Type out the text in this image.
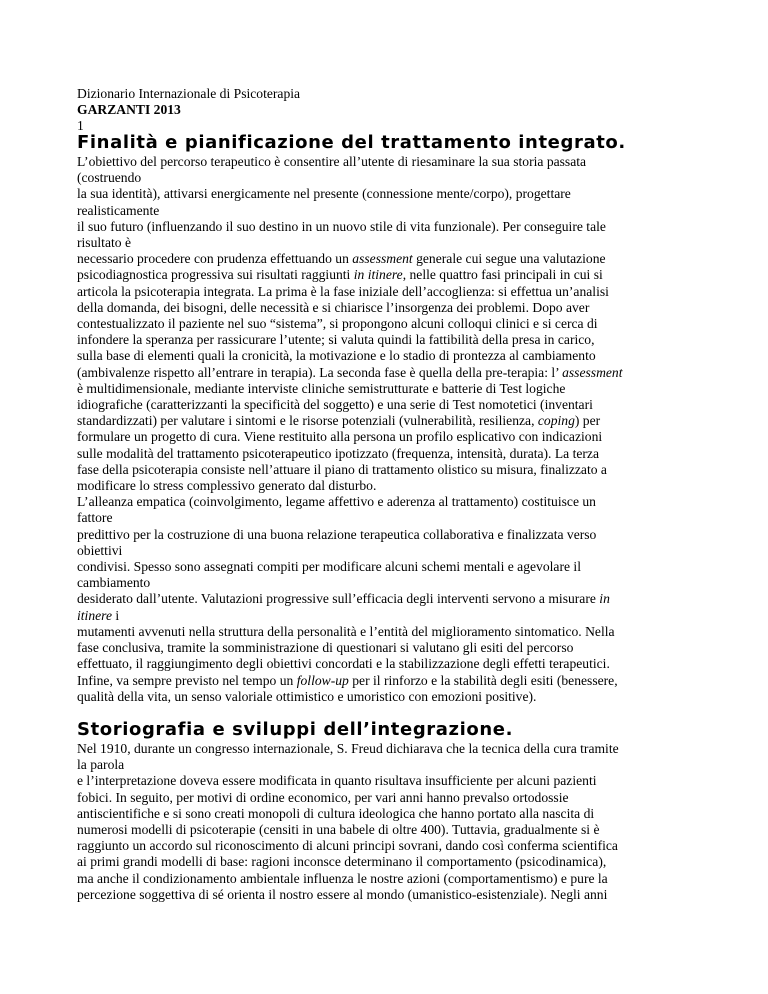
Dizionario Internazionale di Psicoterapia
GARZANTI 2013
1
Finalità e pianificazione del trattamento integrato.
L’obiettivo del percorso terapeutico è consentire all’utente di riesaminare la sua storia passata
(costruendo
la sua identità), attivarsi energicamente nel presente (connessione mente/corpo), progettare
realisticamente
il suo futuro (influenzando il suo destino in un nuovo stile di vita funzionale). Per conseguire tale
risultato è
necessario procedere con prudenza effettuando un assessment generale cui segue una valutazione
psicodiagnostica progressiva sui risultati raggiunti in itinere, nelle quattro fasi principali in cui si
articola la psicoterapia integrata. La prima è la fase iniziale dell’accoglienza: si effettua un’analisi
della domanda, dei bisogni, delle necessità e si chiarisce l’insorgenza dei problemi. Dopo aver
contestualizzato il paziente nel suo “sistema”, si propongono alcuni colloqui clinici e si cerca di
infondere la speranza per rassicurare l’utente; si valuta quindi la fattibilità della presa in carico,
sulla base di elementi quali la cronicità, la motivazione e lo stadio di prontezza al cambiamento
(ambivalenze rispetto all’entrare in terapia). La seconda fase è quella della pre-terapia: l’ assessment
è multidimensionale, mediante interviste cliniche semistrutturate e batterie di Test logiche
idiografiche (caratterizzanti la specificità del soggetto) e una serie di Test nomotetici (inventari
standardizzati) per valutare i sintomi e le risorse potenziali (vulnerabilità, resilienza, coping) per
formulare un progetto di cura. Viene restituito alla persona un profilo esplicativo con indicazioni
sulle modalità del trattamento psicoterapeutico ipotizzato (frequenza, intensità, durata). La terza
fase della psicoterapia consiste nell’attuare il piano di trattamento olistico su misura, finalizzato a
modificare lo stress complessivo generato dal disturbo.
L’alleanza empatica (coinvolgimento, legame affettivo e aderenza al trattamento) costituisce un
fattore
predittivo per la costruzione di una buona relazione terapeutica collaborativa e finalizzata verso
obiettivi
condivisi. Spesso sono assegnati compiti per modificare alcuni schemi mentali e agevolare il
cambiamento
desiderato dall’utente. Valutazioni progressive sull’efficacia degli interventi servono a misurare in
itinere i
mutamenti avvenuti nella struttura della personalità e l’entità del miglioramento sintomatico. Nella
fase conclusiva, tramite la somministrazione di questionari si valutano gli esiti del percorso
effettuato, il raggiungimento degli obiettivi concordati e la stabilizzazione degli effetti terapeutici.
Infine, va sempre previsto nel tempo un follow-up per il rinforzo e la stabilità degli esiti (benessere,
qualità della vita, un senso valoriale ottimistico e umoristico con emozioni positive).
Storiografia e sviluppi dell’integrazione.
Nel 1910, durante un congresso internazionale, S. Freud dichiarava che la tecnica della cura tramite
la parola
e l’interpretazione doveva essere modificata in quanto risultava insufficiente per alcuni pazienti
fobici. In seguito, per motivi di ordine economico, per vari anni hanno prevalso ortodossie
antiscientifiche e si sono creati monopoli di cultura ideologica che hanno portato alla nascita di
numerosi modelli di psicoterapie (censiti in una babele di oltre 400). Tuttavia, gradualmente si è
raggiunto un accordo sul riconoscimento di alcuni principi sovrani, dando così conferma scientifica
ai primi grandi modelli di base: ragioni inconsce determinano il comportamento (psicodinamica),
ma anche il condizionamento ambientale influenza le nostre azioni (comportamentismo) e pure la
percezione soggettiva di sé orienta il nostro essere al mondo (umanistico-esistenziale). Negli anni
